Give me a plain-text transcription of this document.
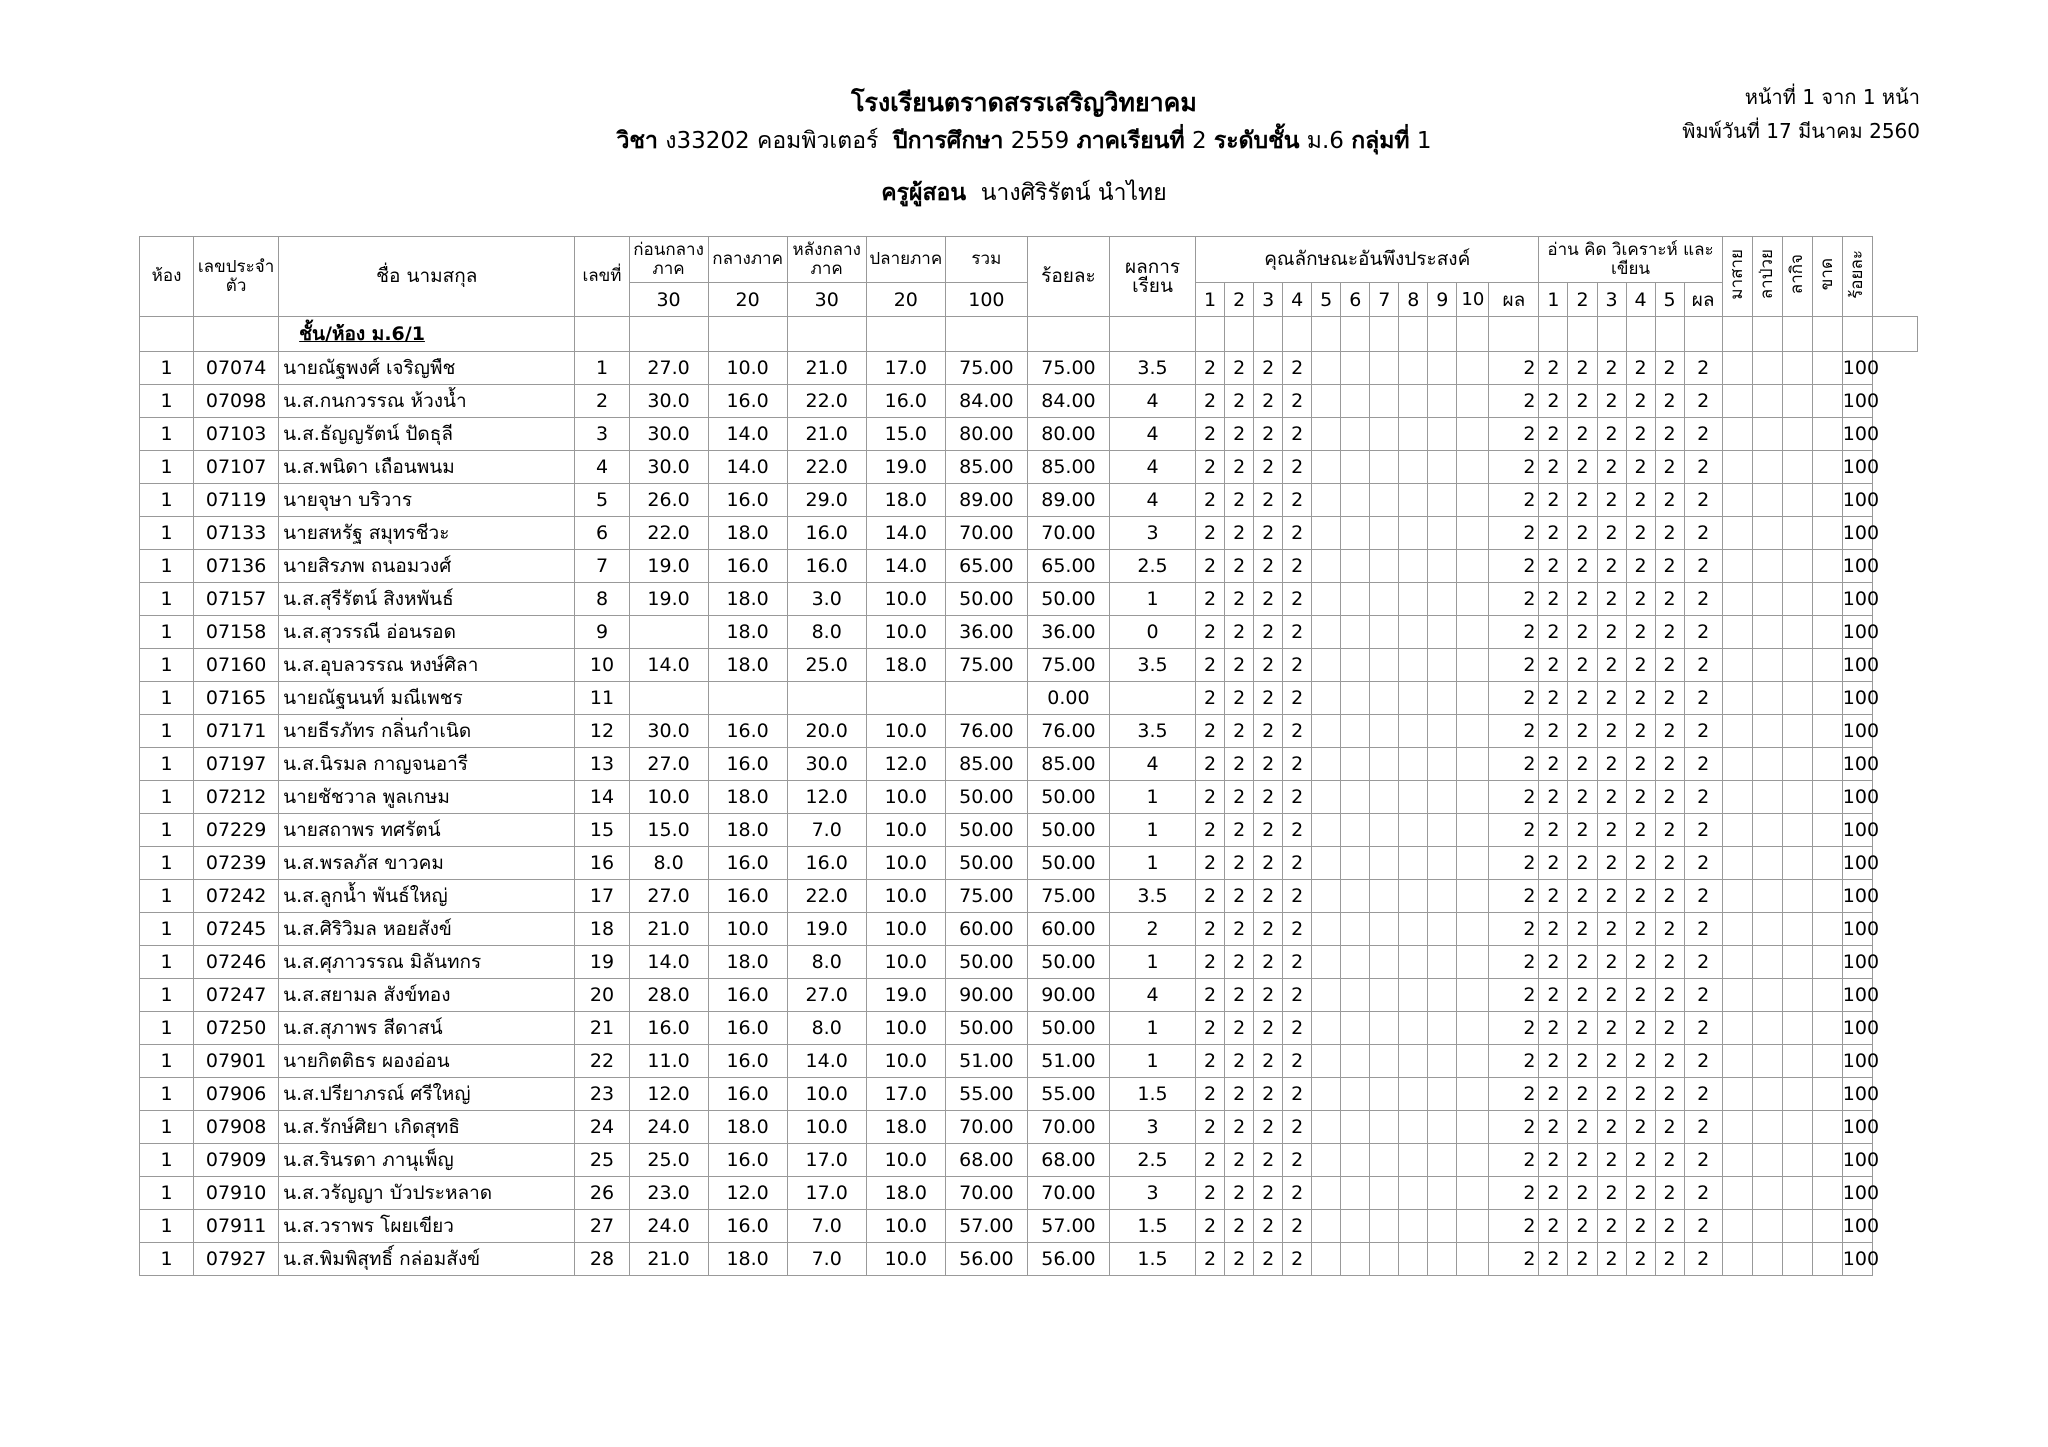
โรงเรียนตราดสรรเสริญวิทยาคม
วิชา ง33202 คอมพิวเตอร์ ปีการศึกษา 2559 ภาคเรียนที่ 2 ระดับชั้น ม.6 กลุ่มที่ 1
ครูผู้สอน นางศิริรัตน์ นำไทย
หน้าที่ 1 จาก 1 หน้า
พิมพ์วันที่ 17 มีนาคม 2560
ห้อง	เลขประจำตัว	ชื่อ นามสกุล	เลขที่	ก่อนกลางภาค	กลางภาค	หลังกลางภาค	ปลายภาค	รวม	ร้อยละ	ผลการเรียน	คุณลักษณะอันพึงประสงค์											อ่าน คิด วิเคราะห์ และเขียน						มาสาย	ลาป่วย	ลากิจ	ขาด	ร้อยละ	
				30	20	30	20	100			1	2	3	4	5	6	7	8	9	10	ผล	1	2	3	4	5	ผล						
		ชั้น/ห้อง ม.6/1																															
1	07074	นายณัฐพงศ์ เจริญพืช	1	27.0	10.0	21.0	17.0	75.00	75.00	3.5	2	2	2	2							2	2	2	2	2	2	2					100	
1	07098	น.ส.กนกวรรณ ห้วงน้ำ	2	30.0	16.0	22.0	16.0	84.00	84.00	4	2	2	2	2							2	2	2	2	2	2	2					100	
1	07103	น.ส.ธัญญรัตน์ ปัดธุลี	3	30.0	14.0	21.0	15.0	80.00	80.00	4	2	2	2	2							2	2	2	2	2	2	2					100	
1	07107	น.ส.พนิดา เถือนพนม	4	30.0	14.0	22.0	19.0	85.00	85.00	4	2	2	2	2							2	2	2	2	2	2	2					100	
1	07119	นายจุษา บริวาร	5	26.0	16.0	29.0	18.0	89.00	89.00	4	2	2	2	2							2	2	2	2	2	2	2					100	
1	07133	นายสหรัฐ สมุทรชีวะ	6	22.0	18.0	16.0	14.0	70.00	70.00	3	2	2	2	2							2	2	2	2	2	2	2					100	
1	07136	นายสิรภพ ถนอมวงศ์	7	19.0	16.0	16.0	14.0	65.00	65.00	2.5	2	2	2	2							2	2	2	2	2	2	2					100	
1	07157	น.ส.สุรีรัตน์ สิงหพันธ์	8	19.0	18.0	3.0	10.0	50.00	50.00	1	2	2	2	2							2	2	2	2	2	2	2					100	
1	07158	น.ส.สุวรรณี อ่อนรอด	9		18.0	8.0	10.0	36.00	36.00	0	2	2	2	2							2	2	2	2	2	2	2					100	
1	07160	น.ส.อุบลวรรณ หงษ์ศิลา	10	14.0	18.0	25.0	18.0	75.00	75.00	3.5	2	2	2	2							2	2	2	2	2	2	2					100	
1	07165	นายณัฐนนท์ มณีเพชร	11						0.00		2	2	2	2							2	2	2	2	2	2	2					100	
1	07171	นายธีรภัทร กลิ่นกำเนิด	12	30.0	16.0	20.0	10.0	76.00	76.00	3.5	2	2	2	2							2	2	2	2	2	2	2					100	
1	07197	น.ส.นิรมล กาญจนอารี	13	27.0	16.0	30.0	12.0	85.00	85.00	4	2	2	2	2							2	2	2	2	2	2	2					100	
1	07212	นายชัชวาล พูลเกษม	14	10.0	18.0	12.0	10.0	50.00	50.00	1	2	2	2	2							2	2	2	2	2	2	2					100	
1	07229	นายสถาพร ทศรัตน์	15	15.0	18.0	7.0	10.0	50.00	50.00	1	2	2	2	2							2	2	2	2	2	2	2					100	
1	07239	น.ส.พรลภัส ขาวคม	16	8.0	16.0	16.0	10.0	50.00	50.00	1	2	2	2	2							2	2	2	2	2	2	2					100	
1	07242	น.ส.ลูกน้ำ พันธ์ใหญ่	17	27.0	16.0	22.0	10.0	75.00	75.00	3.5	2	2	2	2							2	2	2	2	2	2	2					100	
1	07245	น.ส.ศิริวิมล หอยสังข์	18	21.0	10.0	19.0	10.0	60.00	60.00	2	2	2	2	2							2	2	2	2	2	2	2					100	
1	07246	น.ส.ศุภาวรรณ มิลันทกร	19	14.0	18.0	8.0	10.0	50.00	50.00	1	2	2	2	2							2	2	2	2	2	2	2					100	
1	07247	น.ส.สยามล สังข์ทอง	20	28.0	16.0	27.0	19.0	90.00	90.00	4	2	2	2	2							2	2	2	2	2	2	2					100	
1	07250	น.ส.สุภาพร สีดาสน์	21	16.0	16.0	8.0	10.0	50.00	50.00	1	2	2	2	2							2	2	2	2	2	2	2					100	
1	07901	นายกิตติธร ผองอ่อน	22	11.0	16.0	14.0	10.0	51.00	51.00	1	2	2	2	2							2	2	2	2	2	2	2					100	
1	07906	น.ส.ปรียาภรณ์ ศรีใหญ่	23	12.0	16.0	10.0	17.0	55.00	55.00	1.5	2	2	2	2							2	2	2	2	2	2	2					100	
1	07908	น.ส.รักษ์ศิยา เกิดสุทธิ	24	24.0	18.0	10.0	18.0	70.00	70.00	3	2	2	2	2							2	2	2	2	2	2	2					100	
1	07909	น.ส.รินรดา ภานุเพ็ญ	25	25.0	16.0	17.0	10.0	68.00	68.00	2.5	2	2	2	2							2	2	2	2	2	2	2					100	
1	07910	น.ส.วรัญญา บัวประหลาด	26	23.0	12.0	17.0	18.0	70.00	70.00	3	2	2	2	2							2	2	2	2	2	2	2					100	
1	07911	น.ส.วราพร โผยเขียว	27	24.0	16.0	7.0	10.0	57.00	57.00	1.5	2	2	2	2							2	2	2	2	2	2	2					100	
1	07927	น.ส.พิมพิสุทธิ์ กล่อมสังข์	28	21.0	18.0	7.0	10.0	56.00	56.00	1.5	2	2	2	2							2	2	2	2	2	2	2					100	
